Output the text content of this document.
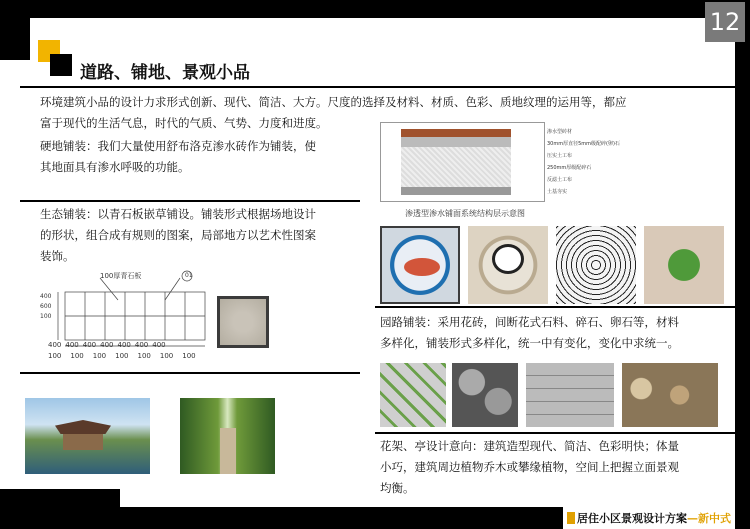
12
道路、铺地、景观小品
环境建筑小品的设计力求形式创新、现代、简洁、大方。尺度的选择及材料、材质、色彩、质地纹理的运用等，都应
富于现代的生活气息，时代的气质、气势、力度和进度。
硬地铺装：我们大量使用舒布洛克渗水砖作为铺装，使
其地面具有渗水呼吸的功能。
生态铺装：以青石板嵌草铺设。铺装形式根据场地设计
的形状，组合成有规则的图案，局部地方以艺术性图案
装饰。
100厚青石板	01
400 400 400 400 400 400 400
100 100 100 100 100 100 100
400
600
100
渗水型砖材
30mm厚直径5mm级配碎(卵)石
压实土工布
250mm厚级配碎石
反滤土工布
土基夯实
渗透型渗水铺面系统结构层示意图
园路铺装：采用花砖，间断花式石料、碎石、卵石等，材料
多样化，铺装形式多样化，统一中有变化，变化中求统一。
花架、亭设计意向：建筑造型现代、简洁、色彩明快；体量
小巧，建筑周边植物乔木或攀缘植物，空间上把握立面景观
均衡。
居住小区景观设计方案 —新中式
